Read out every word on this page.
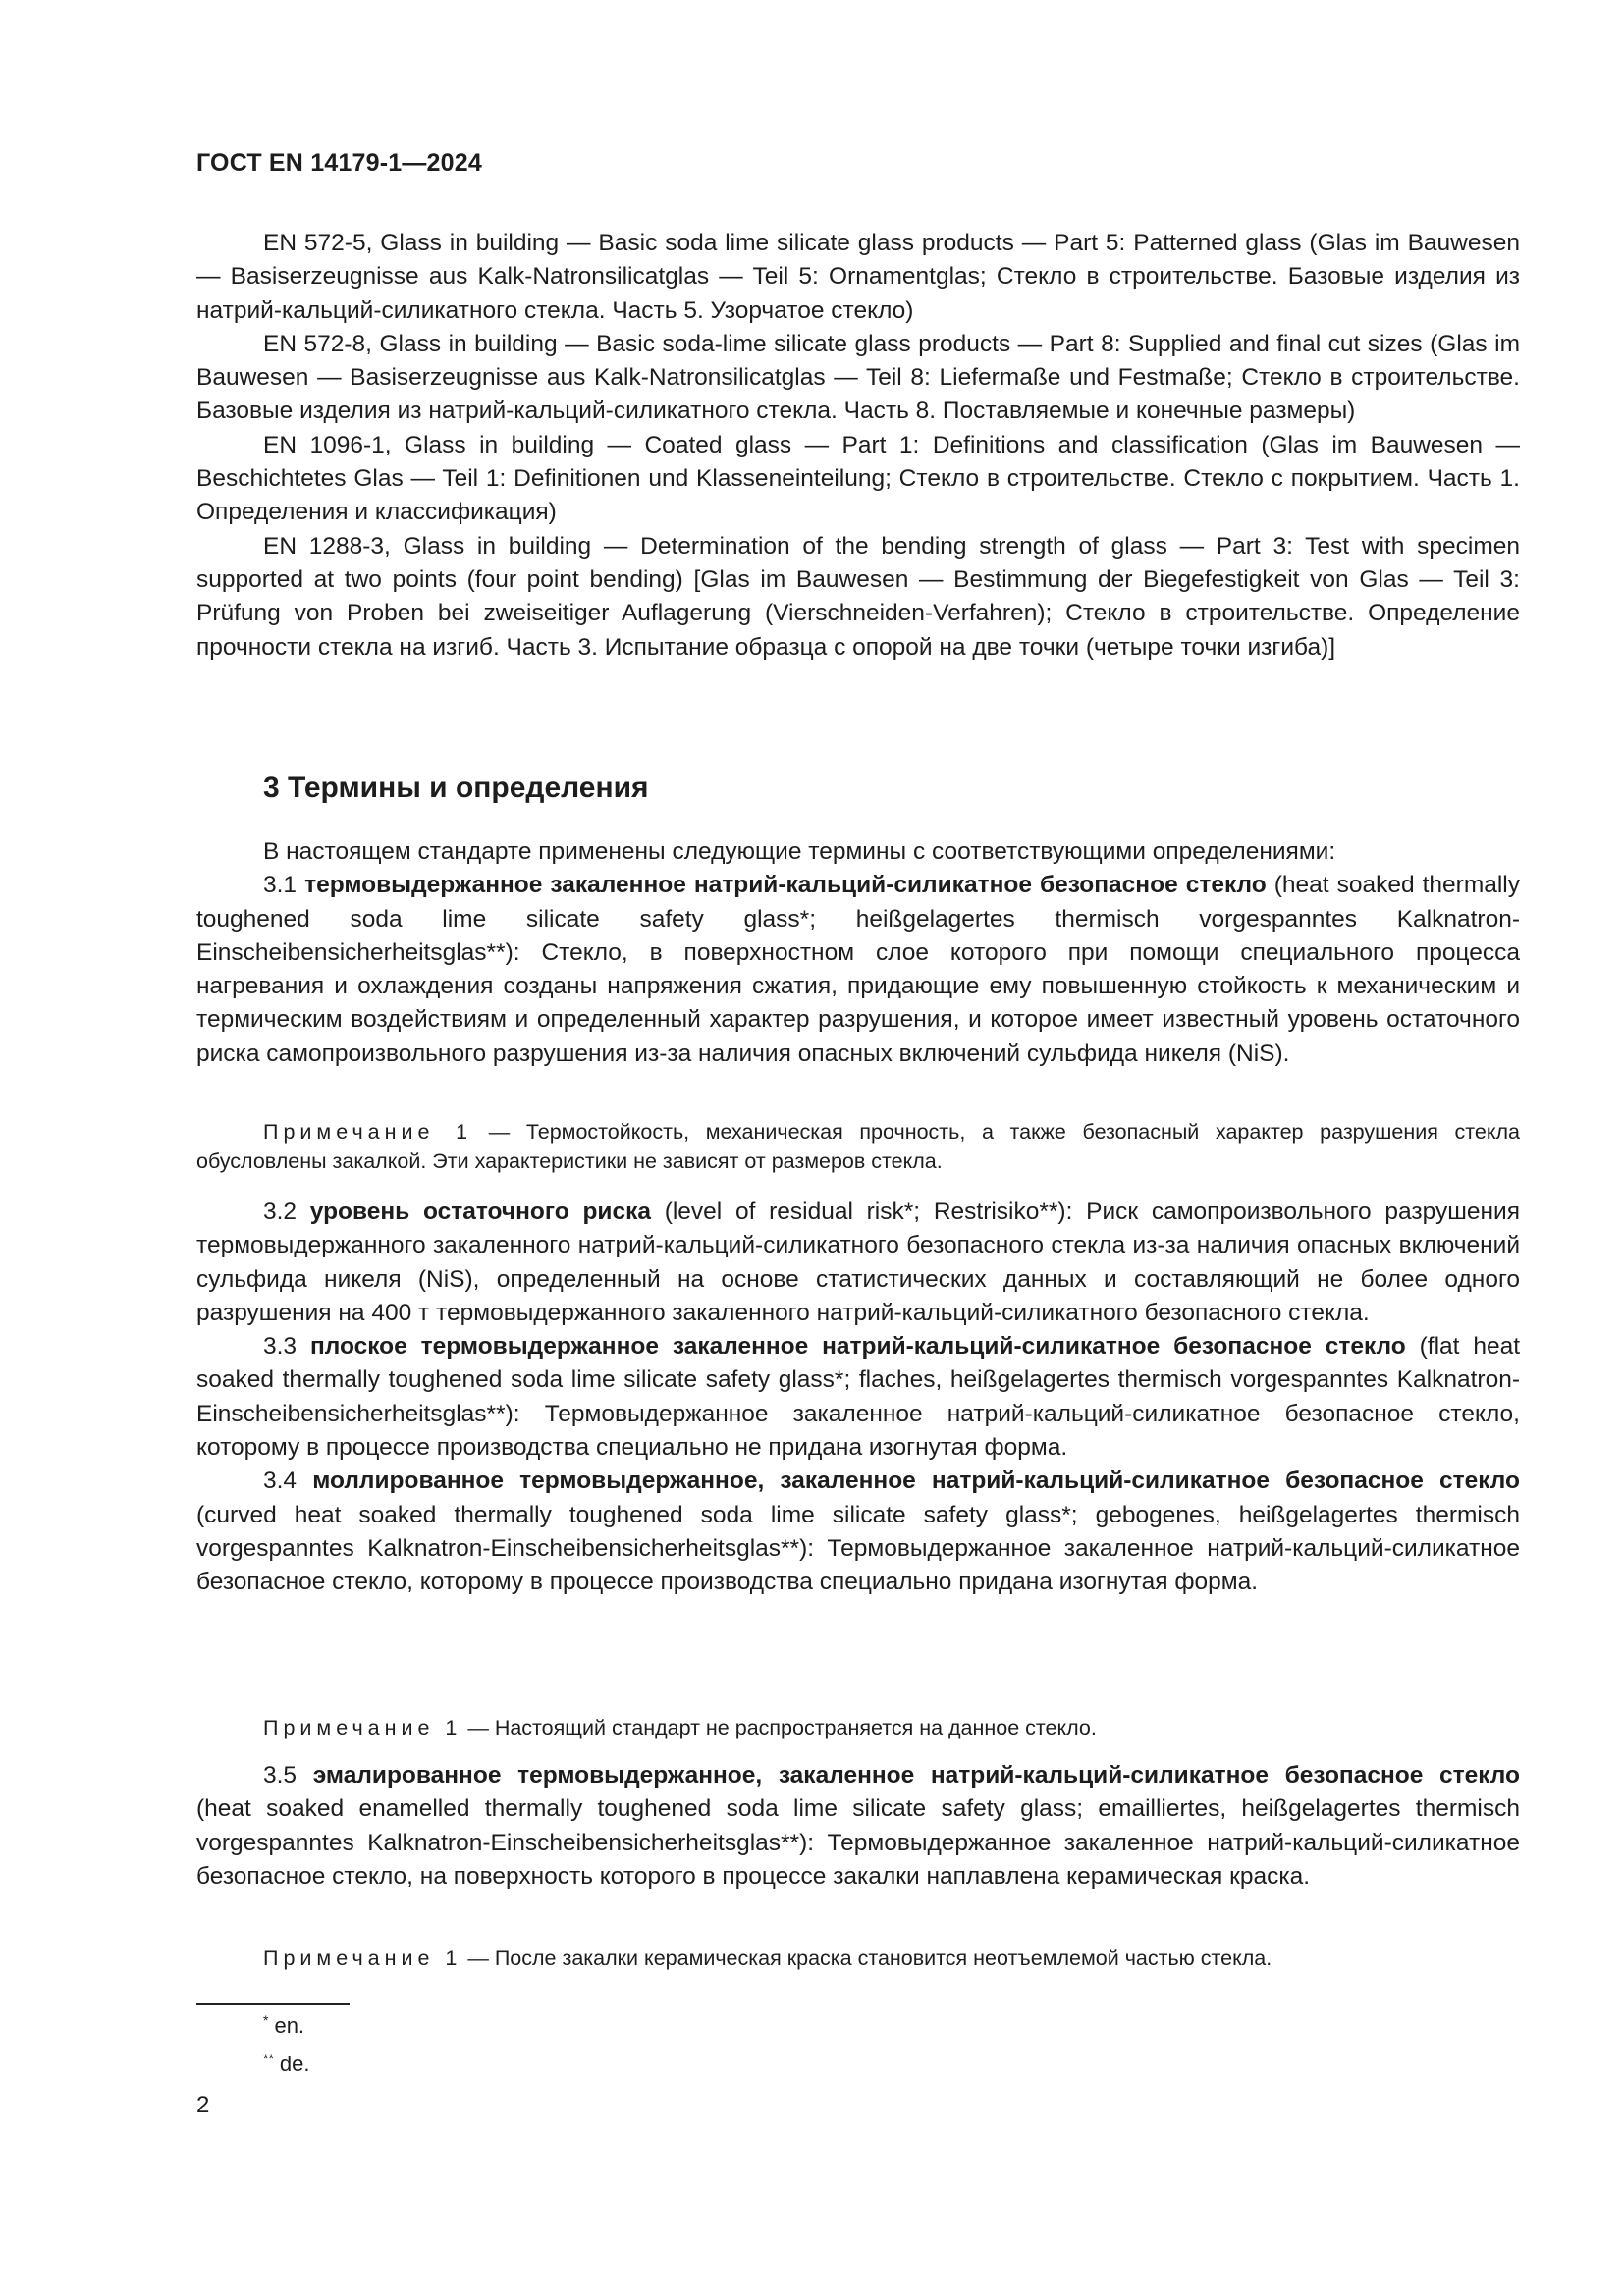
ГОСТ EN 14179-1—2024

EN 572-5, Glass in building — Basic soda lime silicate glass products — Part 5: Patterned glass (Glas im Bauwesen — Basiserzeugnisse aus Kalk-Natronsilicatglas — Teil 5: Ornamentglas; Стекло в строительстве. Базовые изделия из натрий-кальций-силикатного стекла. Часть 5. Узорчатое стекло)

EN 572-8, Glass in building — Basic soda-lime silicate glass products — Part 8: Supplied and final cut sizes (Glas im Bauwesen — Basiserzeugnisse aus Kalk-Natronsilicatglas — Teil 8: Liefermaße und Festmaße; Стекло в строительстве. Базовые изделия из натрий-кальций-силикатного стекла. Часть 8. Поставляемые и конечные размеры)

EN 1096-1, Glass in building — Coated glass — Part 1: Definitions and classification (Glas im Bauwesen — Beschichtetes Glas — Teil 1: Definitionen und Klasseneinteilung; Стекло в строительстве. Стекло с покрытием. Часть 1. Определения и классификация)

EN 1288-3, Glass in building — Determination of the bending strength of glass — Part 3: Test with specimen supported at two points (four point bending) [Glas im Bauwesen — Bestimmung der Biegefestigkeit von Glas — Teil 3: Prüfung von Proben bei zweiseitiger Auflagerung (Vierschneiden-Verfahren); Стекло в строительстве. Определение прочности стекла на изгиб. Часть 3. Испытание образца с опорой на две точки (четыре точки изгиба)]

3 Термины и определения

В настоящем стандарте применены следующие термины с соответствующими определениями:

3.1 термовыдержанное закаленное натрий-кальций-силикатное безопасное стекло (heat soaked thermally toughened soda lime silicate safety glass*; heißgelagertes thermisch vorgespanntes Kalknatron-Einscheibensicherheitsglas**): Стекло, в поверхностном слое которого при помощи специального процесса нагревания и охлаждения созданы напряжения сжатия, придающие ему повышенную стойкость к механическим и термическим воздействиям и определенный характер разрушения, и которое имеет известный уровень остаточного риска самопроизвольного разрушения из-за наличия опасных включений сульфида никеля (NiS).

Примечание 1 — Термостойкость, механическая прочность, а также безопасный характер разрушения стекла обусловлены закалкой. Эти характеристики не зависят от размеров стекла.

3.2 уровень остаточного риска (level of residual risk*; Restrisiko**): Риск самопроизвольного разрушения термовыдержанного закаленного натрий-кальций-силикатного безопасного стекла из-за наличия опасных включений сульфида никеля (NiS), определенный на основе статистических данных и составляющий не более одного разрушения на 400 т термовыдержанного закаленного натрий-кальций-силикатного безопасного стекла.

3.3 плоское термовыдержанное закаленное натрий-кальций-силикатное безопасное стекло (flat heat soaked thermally toughened soda lime silicate safety glass*; flaches, heißgelagertes thermisch vorgespanntes Kalknatron-Einscheibensicherheitsglas**): Термовыдержанное закаленное натрий-кальций-силикатное безопасное стекло, которому в процессе производства специально не придана изогнутая форма.

3.4 моллированное термовыдержанное, закаленное натрий-кальций-силикатное безопасное стекло (curved heat soaked thermally toughened soda lime silicate safety glass*; gebogenes, heißgelagertes thermisch vorgespanntes Kalknatron-Einscheibensicherheitsglas**): Термовыдержанное закаленное натрий-кальций-силикатное безопасное стекло, которому в процессе производства специально придана изогнутая форма.

Примечание 1 — Настоящий стандарт не распространяется на данное стекло.

3.5 эмалированное термовыдержанное, закаленное натрий-кальций-силикатное безопасное стекло (heat soaked enamelled thermally toughened soda lime silicate safety glass; emailliertes, heißgelagertes thermisch vorgespanntes Kalknatron-Einscheibensicherheitsglas**): Термовыдержанное закаленное натрий-кальций-силикатное безопасное стекло, на поверхность которого в процессе закалки наплавлена керамическая краска.

Примечание 1 — После закалки керамическая краска становится неотъемлемой частью стекла.

* en.
** de.
2
